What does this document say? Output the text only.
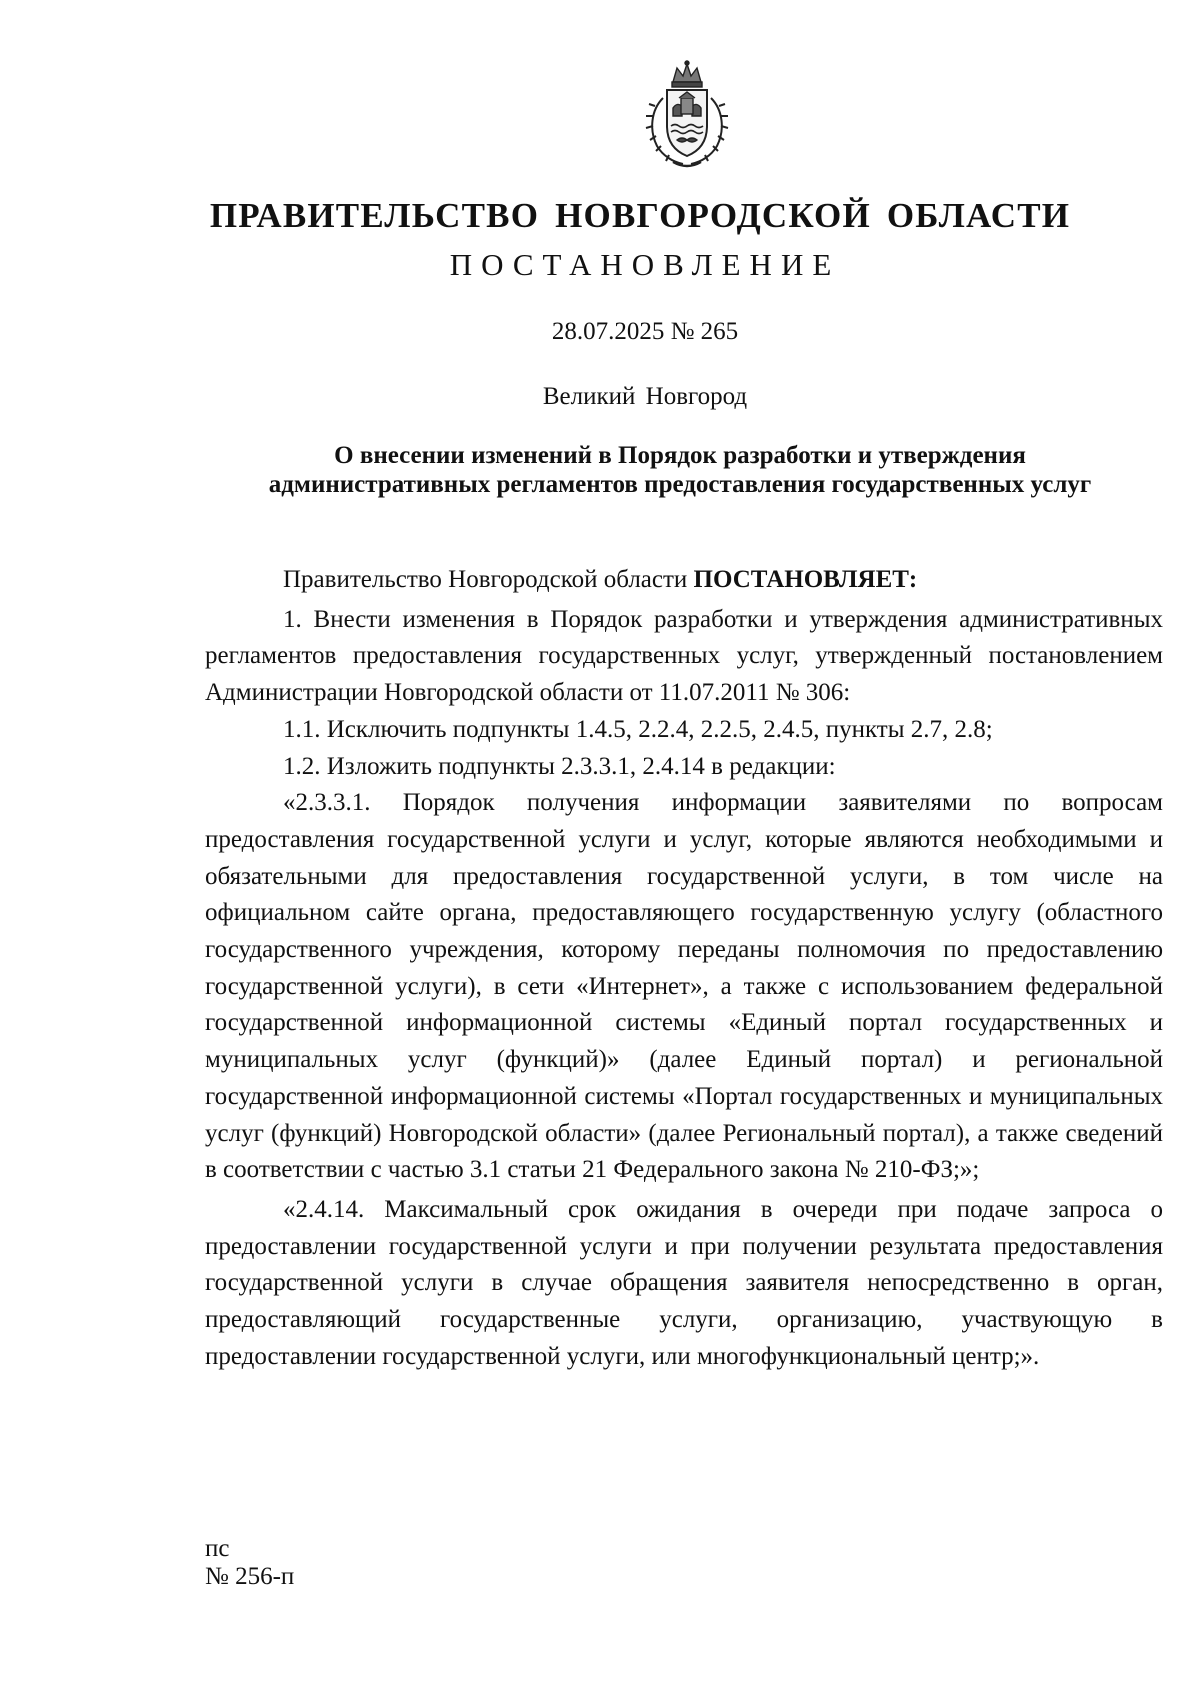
ПРАВИТЕЛЬСТВО НОВГОРОДСКОЙ ОБЛАСТИ
ПОСТАНОВЛЕНИЕ
28.07.2025 № 265
Великий Новгород
О внесении изменений в Порядок разработки и утверждения
административных регламентов предоставления государственных услуг

Правительство Новгородской области ПОСТАНОВЛЯЕТ:

1. Внести изменения в Порядок разработки и утверждения административных регламентов предоставления государственных услуг, утвержденный постановлением Администрации Новгородской области от 11.07.2011 № 306:

1.1. Исключить подпункты 1.4.5, 2.2.4, 2.2.5, 2.4.5, пункты 2.7, 2.8;

1.2. Изложить подпункты 2.3.3.1, 2.4.14 в редакции:

«2.3.3.1. Порядок получения информации заявителями по вопросам предоставления государственной услуги и услуг, которые являются необходимыми и обязательными для предоставления государственной услуги, в том числе на официальном сайте органа, предоставляющего государственную услугу (областного государственного учреждения, которому переданы полномочия по предоставлению государственной услуги), в сети «Интернет», а также с использованием федеральной государственной информационной системы «Единый портал государственных и муниципальных услуг (функций)» (далее Единый портал) и региональной государственной информационной системы «Портал государственных и муниципальных услуг (функций) Новгородской области» (далее Региональный портал), а также сведений в соответствии с частью 3.1 статьи 21 Федерального закона № 210-ФЗ;»;

«2.4.14. Максимальный срок ожидания в очереди при подаче запроса о предоставлении государственной услуги и при получении результата предоставления государственной услуги в случае обращения заявителя непосредственно в орган, предоставляющий государственные услуги, организацию, участвующую в предоставлении государственной услуги, или многофункциональный центр;».

пс
№ 256-п
